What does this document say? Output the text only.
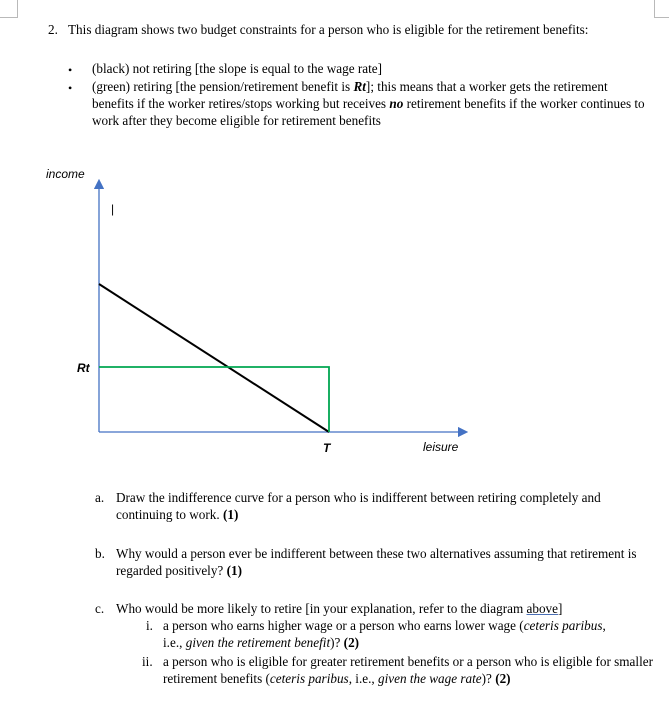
2. This diagram shows two budget constraints for a person who is eligible for the retirement benefits:
• (black) not retiring [the slope is equal to the wage rate]
• (green) retiring [the pension/retirement benefit is Rt]; this means that a worker gets the retirement benefits if the worker retires/stops working but receives no retirement benefits if the worker continues to work after they become eligible for retirement benefits
income
Rt
T	leisure
|
a. Draw the indifference curve for a person who is indifferent between retiring completely and continuing to work. (1)
b. Why would a person ever be indifferent between these two alternatives assuming that retirement is regarded positively? (1)
c. Who would be more likely to retire [in your explanation, refer to the diagram above]
i. a person who earns higher wage or a person who earns lower wage (ceteris paribus, i.e., given the retirement benefit)? (2)
ii. a person who is eligible for greater retirement benefits or a person who is eligible for smaller retirement benefits (ceteris paribus, i.e., given the wage rate)? (2)
